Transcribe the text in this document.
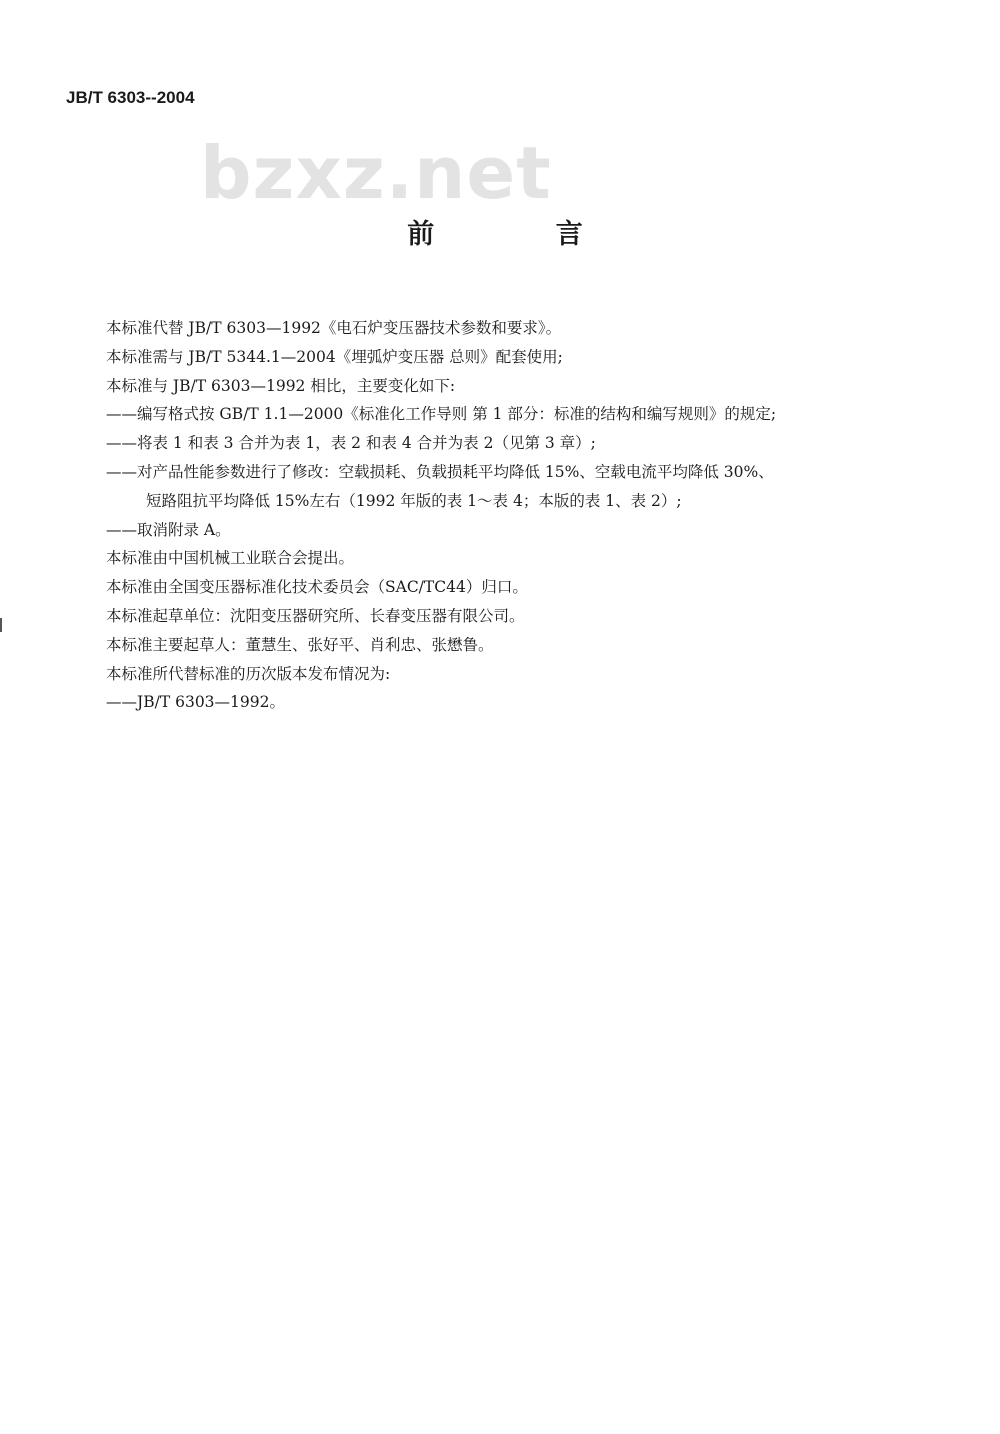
JB/T 6303--2004
bzxz.net
前 言
本标准代替 JB/T 6303—1992《电石炉变压器技术参数和要求》。
本标准需与 JB/T 5344.1—2004《埋弧炉变压器 总则》配套使用;
本标准与 JB/T 6303—1992 相比，主要变化如下:
——编写格式按 GB/T 1.1—2000《标准化工作导则 第 1 部分：标准的结构和编写规则》的规定;
——将表 1 和表 3 合并为表 1，表 2 和表 4 合并为表 2（见第 3 章）;
——对产品性能参数进行了修改：空载损耗、负载损耗平均降低 15%、空载电流平均降低 30%、
短路阻抗平均降低 15%左右（1992 年版的表 1～表 4；本版的表 1、表 2）;
——取消附录 A。
本标准由中国机械工业联合会提出。
本标准由全国变压器标准化技术委员会（SAC/TC44）归口。
本标准起草单位：沈阳变压器研究所、长春变压器有限公司。
本标准主要起草人：董慧生、张好平、肖利忠、张懋鲁。
本标准所代替标准的历次版本发布情况为:
——JB/T 6303—1992。
